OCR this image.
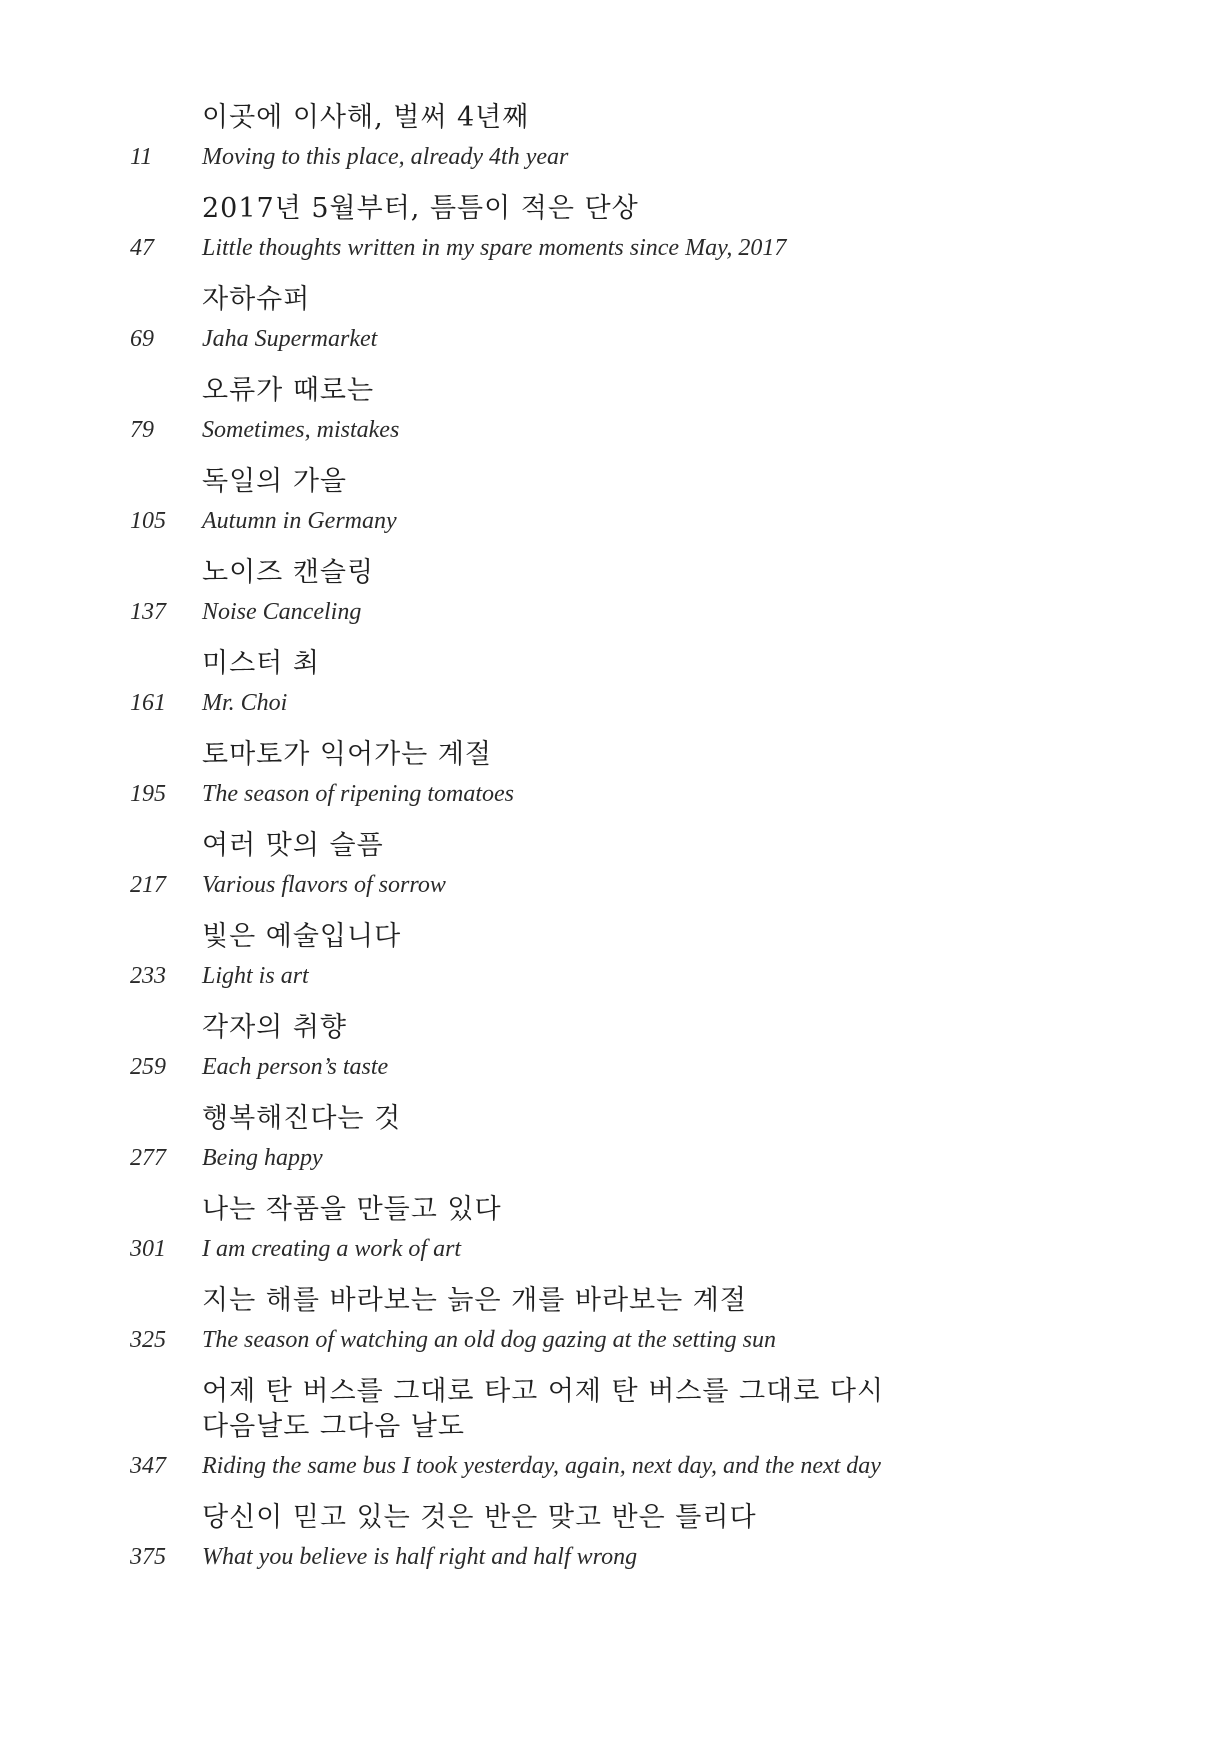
이곳에 이사해, 벌써 4년째
11 Moving to this place, already 4th year
2017년 5월부터, 틈틈이 적은 단상
47 Little thoughts written in my spare moments since May, 2017
자하슈퍼
69 Jaha Supermarket
오류가 때로는
79 Sometimes, mistakes
독일의 가을
105 Autumn in Germany
노이즈 캔슬링
137 Noise Canceling
미스터 최
161 Mr. Choi
토마토가 익어가는 계절
195 The season of ripening tomatoes
여러 맛의 슬픔
217 Various flavors of sorrow
빛은 예술입니다
233 Light is art
각자의 취향
259 Each person’s taste
행복해진다는 것
277 Being happy
나는 작품을 만들고 있다
301 I am creating a work of art
지는 해를 바라보는 늙은 개를 바라보는 계절
325 The season of watching an old dog gazing at the setting sun
어제 탄 버스를 그대로 타고 어제 탄 버스를 그대로 다시
다음날도 그다음 날도
347 Riding the same bus I took yesterday, again, next day, and the next day
당신이 믿고 있는 것은 반은 맞고 반은 틀리다
375 What you believe is half right and half wrong
